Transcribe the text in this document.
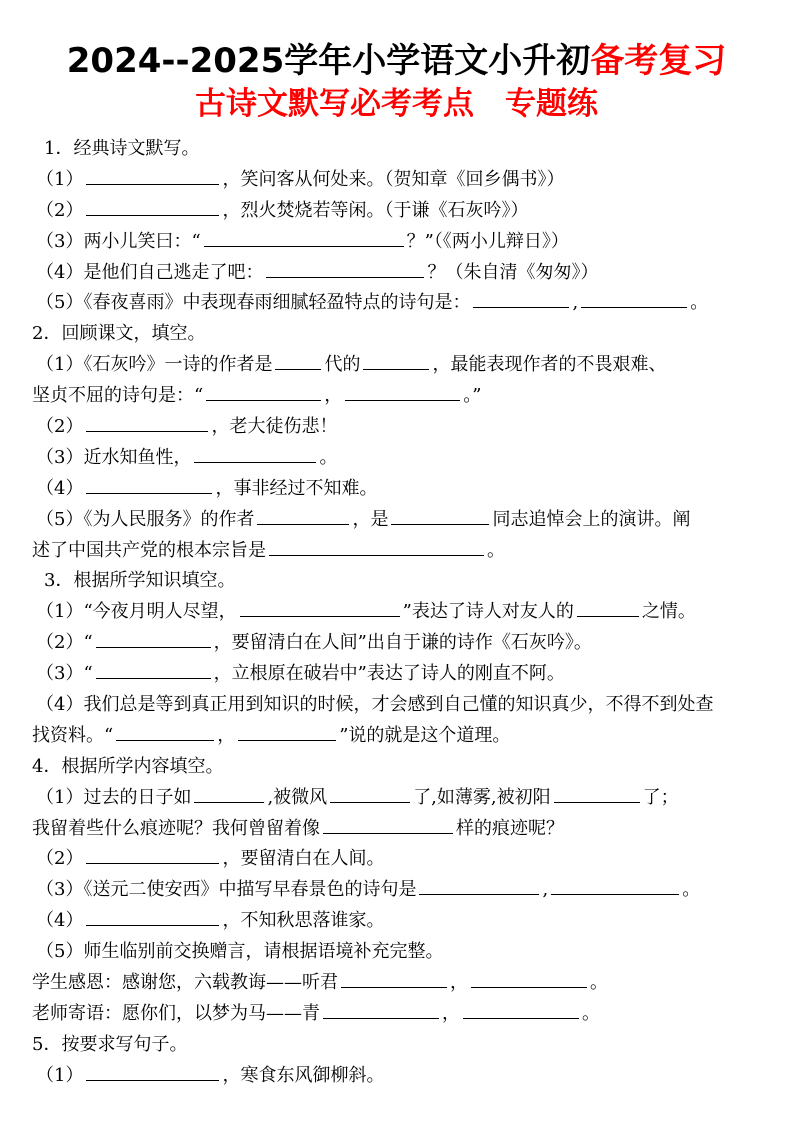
2024--2025学年小学语文小升初备考复习
古诗文默写必考考点　专题练
1．经典诗文默写。
（1）	，笑问客从何处来。（贺知章《回乡偶书》）
（2）	，烈火焚烧若等闲。（于谦《石灰吟》）
（3）两小儿笑曰：“	？”（《两小儿辩日》）
（4）是他们自己逃走了吧：	？（朱自清《匆匆》）
（5）《春夜喜雨》中表现春雨细腻轻盈特点的诗句是：	,	。
2．回顾课文，填空。
（1）《石灰吟》一诗的作者是	代的	，最能表现作者的不畏艰难、
坚贞不屈的诗句是：“	，	。”
（2）	，老大徒伤悲！
（3）近水知鱼性，	。
（4）	，事非经过不知难。
（5）《为人民服务》的作者	，是	同志追悼会上的演讲。阐
述了中国共产党的根本宗旨是	。
3．根据所学知识填空。
（1）“今夜月明人尽望，	”表达了诗人对友人的	之情。
（2）“	，要留清白在人间”出自于谦的诗作《石灰吟》。
（3）“	，立根原在破岩中”表达了诗人的刚直不阿。
（4）我们总是等到真正用到知识的时候，才会感到自己懂的知识真少，不得不到处查
找资料。“	，	”说的就是这个道理。
4．根据所学内容填空。
（1）过去的日子如	,被微风	了,如薄雾,被初阳	了；
我留着些什么痕迹呢？我何曾留着像	样的痕迹呢？
（2）	，要留清白在人间。
（3）《送元二使安西》中描写早春景色的诗句是	,	。
（4）	，不知秋思落谁家。
（5）师生临别前交换赠言，请根据语境补充完整。
学生感恩：感谢您，六载教诲——听君	，	。
老师寄语：愿你们，以梦为马——青	，	。
5．按要求写句子。
（1）	，寒食东风御柳斜。
